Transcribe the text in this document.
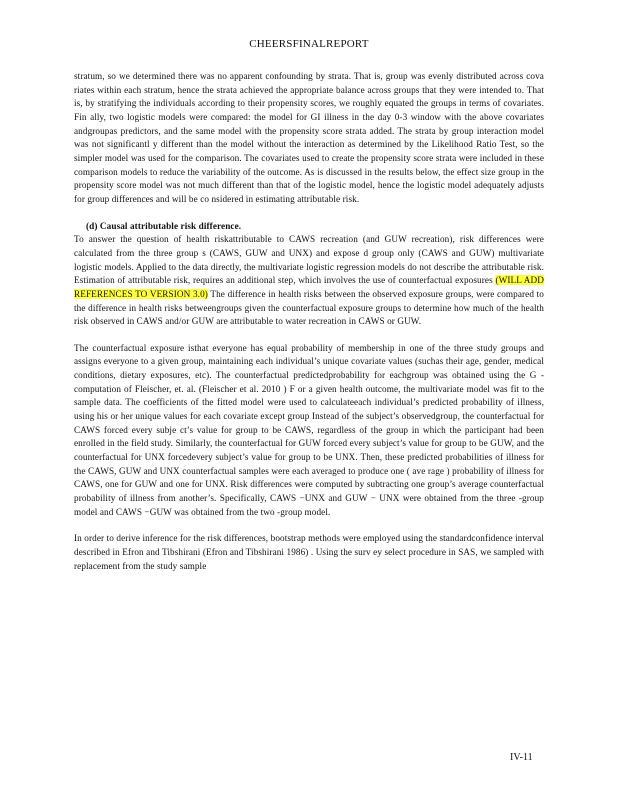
CHEERSFINALREPORT

stratum, so we determined there was no apparent confounding by strata. That is, group was evenly distributed across cova riates within each stratum, hence the strata achieved the appropriate balance across groups that they were intended to. That is, by stratifying the individuals according to their propensity scores, we roughly equated the groups in terms of covariates. Fin ally, two logistic models were compared: the model for GI illness in the day 0-3 window with the above covariates andgroupas predictors, and the same model with the propensity score strata added. The strata by group interaction model was not significantl y different than the model without the interaction as determined by the Likelihood Ratio Test, so the simpler model was used for the comparison. The covariates used to create the propensity score strata were included in these comparison models to reduce the variability of the outcome. As is discussed in the results below, the effect size group in the propensity score model was not much different than that of the logistic model, hence the logistic model adequately adjusts for group differences and will be co nsidered in estimating attributable risk.

(d) Causal attributable risk difference.

To answer the question of health riskattributable to CAWS recreation (and GUW recreation), risk differences were calculated from the three group s (CAWS, GUW and UNX) and expose d group only (CAWS and GUW) multivariate logistic models. Applied to the data directly, the multivariate logistic regression models do not describe the attributable risk. Estimation of attributable risk, requires an additional step, which involves the use of counterfactual exposures (WILL ADD REFERENCES TO VERSION 3.0) The difference in health risks between the observed exposure groups, were compared to the difference in health risks betweengroups given the counterfactual exposure groups to determine how much of the health risk observed in CAWS and/or GUW are attributable to water recreation in CAWS or GUW.

The counterfactual exposure isthat everyone has equal probability of membership in one of the three study groups and assigns everyone to a given group, maintaining each individual’s unique covariate values (suchas their age, gender, medical conditions, dietary exposures, etc). The counterfactual predictedprobability for eachgroup was obtained using the G - computation of Fleischer, et. al. (Fleischer et al. 2010 ) F or a given health outcome, the multivariate model was fit to the sample data. The coefficients of the fitted model were used to calculateeach individual’s predicted probability of illness, using his or her unique values for each covariate except group Instead of the subject’s observedgroup, the counterfactual for CAWS forced every subje ct’s value for group to be CAWS, regardless of the group in which the participant had been enrolled in the field study. Similarly, the counterfactual for GUW forced every subject’s value for group to be GUW, and the counterfactual for UNX forcedevery subject’s value for group to be UNX. Then, these predicted probabilities of illness for the CAWS, GUW and UNX counterfactual samples were each averaged to produce one ( ave rage ) probability of illness for CAWS, one for GUW and one for UNX. Risk differences were computed by subtracting one group’s average counterfactual probability of illness from another’s. Specifically, CAWS −UNX and GUW − UNX were obtained from the three -group model and CAWS −GUW was obtained from the two -group model.

In order to derive inference for the risk differences, bootstrap methods were employed using the standardconfidence interval described in Efron and Tibshirani (Efron and Tibshirani 1986) . Using the surv ey select procedure in SAS, we sampled with replacement from the study sample

IV-11
